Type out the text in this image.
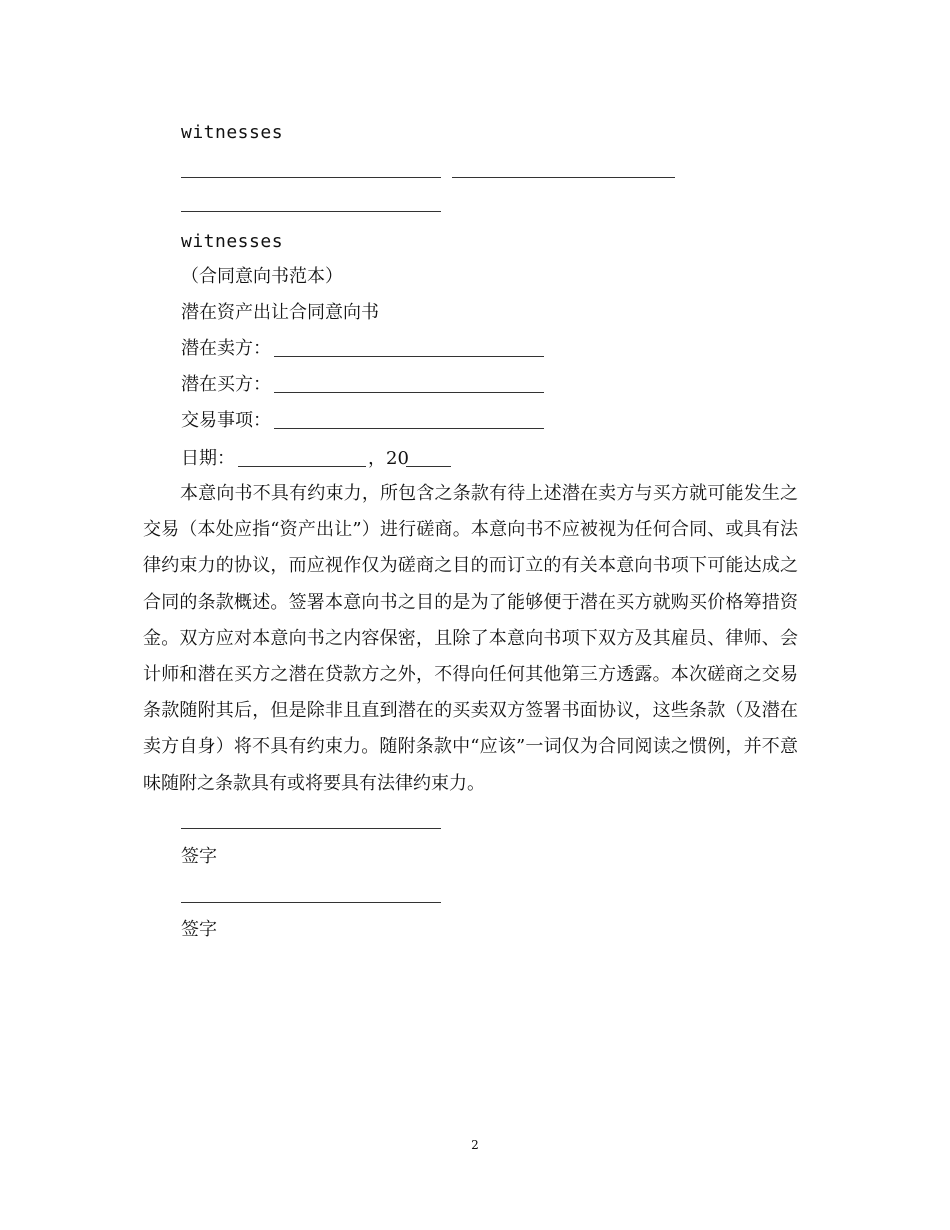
witnesses
witnesses
（合同意向书范本）
潜在资产出让合同意向书
潜在卖方：
潜在买方：
交易事项：
日期：	， 20
本意向书不具有约束力，所包含之条款有待上述潜在卖方与买方就可能发生之交易（本处应指“资产出让”）进行磋商。本意向书不应被视为任何合同、或具有法律约束力的协议，而应视作仅为磋商之目的而订立的有关本意向书项下可能达成之合同的条款概述。签署本意向书之目的是为了能够便于潜在买方就购买价格筹措资金。双方应对本意向书之内容保密，且除了本意向书项下双方及其雇员、律师、会计师和潜在买方之潜在贷款方之外，不得向任何其他第三方透露。本次磋商之交易条款随附其后，但是除非且直到潜在的买卖双方签署书面协议，这些条款（及潜在卖方自身）将不具有约束力。随附条款中“应该”一词仅为合同阅读之惯例，并不意味随附之条款具有或将要具有法律约束力。
签字
签字
2
